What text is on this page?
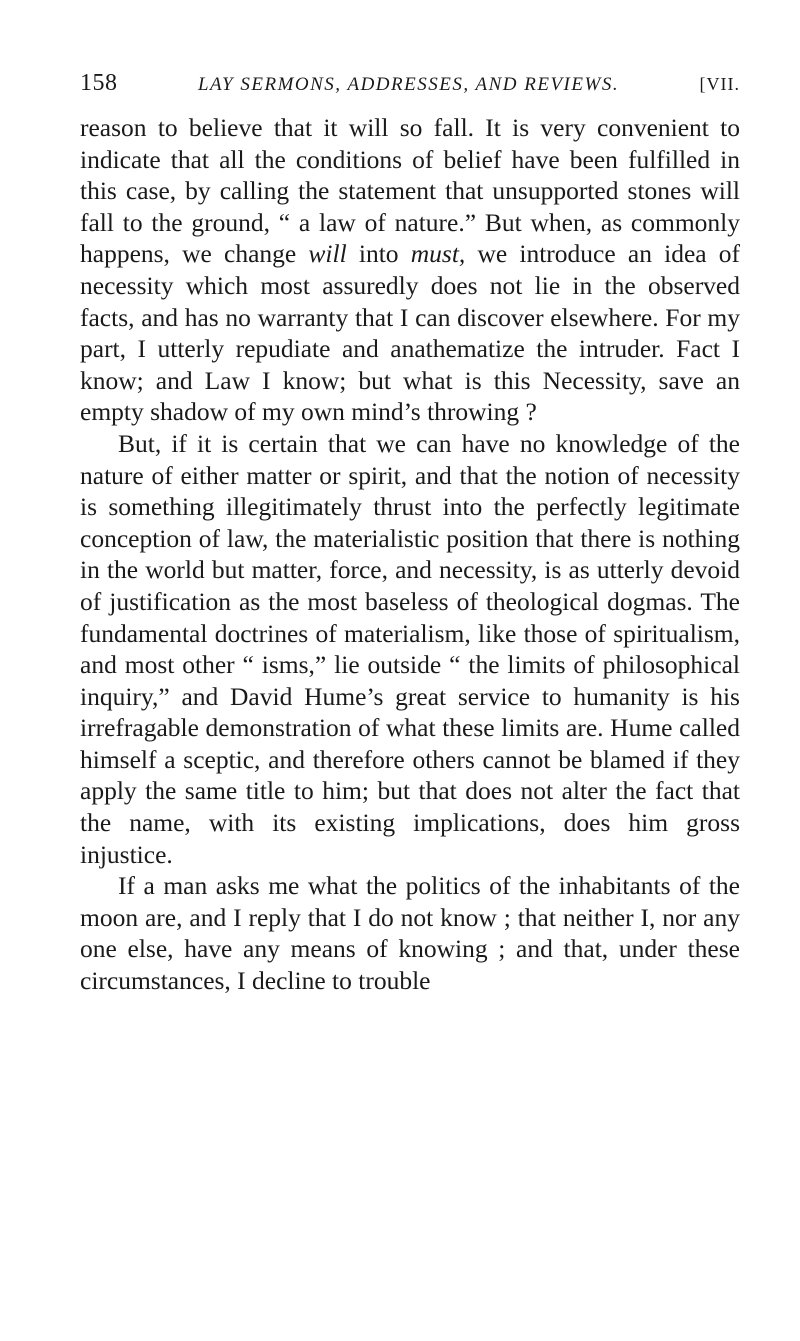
158	LAY SERMONS, ADDRESSES, AND REVIEWS.	[VII.

reason to believe that it will so fall. It is very convenient to indicate that all the conditions of belief have been fulfilled in this case, by calling the statement that unsupported stones will fall to the ground, “ a law of nature.” But when, as commonly happens, we change will into must, we introduce an idea of necessity which most assuredly does not lie in the observed facts, and has no warranty that I can discover elsewhere. For my part, I utterly repudiate and anathematize the intruder. Fact I know; and Law I know; but what is this Necessity, save an empty shadow of my own mind’s throwing ?

But, if it is certain that we can have no knowledge of the nature of either matter or spirit, and that the notion of necessity is something illegitimately thrust into the perfectly legitimate conception of law, the materialistic position that there is nothing in the world but matter, force, and necessity, is as utterly devoid of justification as the most baseless of theological dogmas. The fundamental doctrines of materialism, like those of spiritualism, and most other “ isms,” lie outside “ the limits of philosophical inquiry,” and David Hume’s great service to humanity is his irrefragable demonstration of what these limits are. Hume called himself a sceptic, and therefore others cannot be blamed if they apply the same title to him; but that does not alter the fact that the name, with its existing implications, does him gross injustice.

If a man asks me what the politics of the inhabitants of the moon are, and I reply that I do not know ; that neither I, nor any one else, have any means of knowing ; and that, under these circumstances, I decline to trouble
